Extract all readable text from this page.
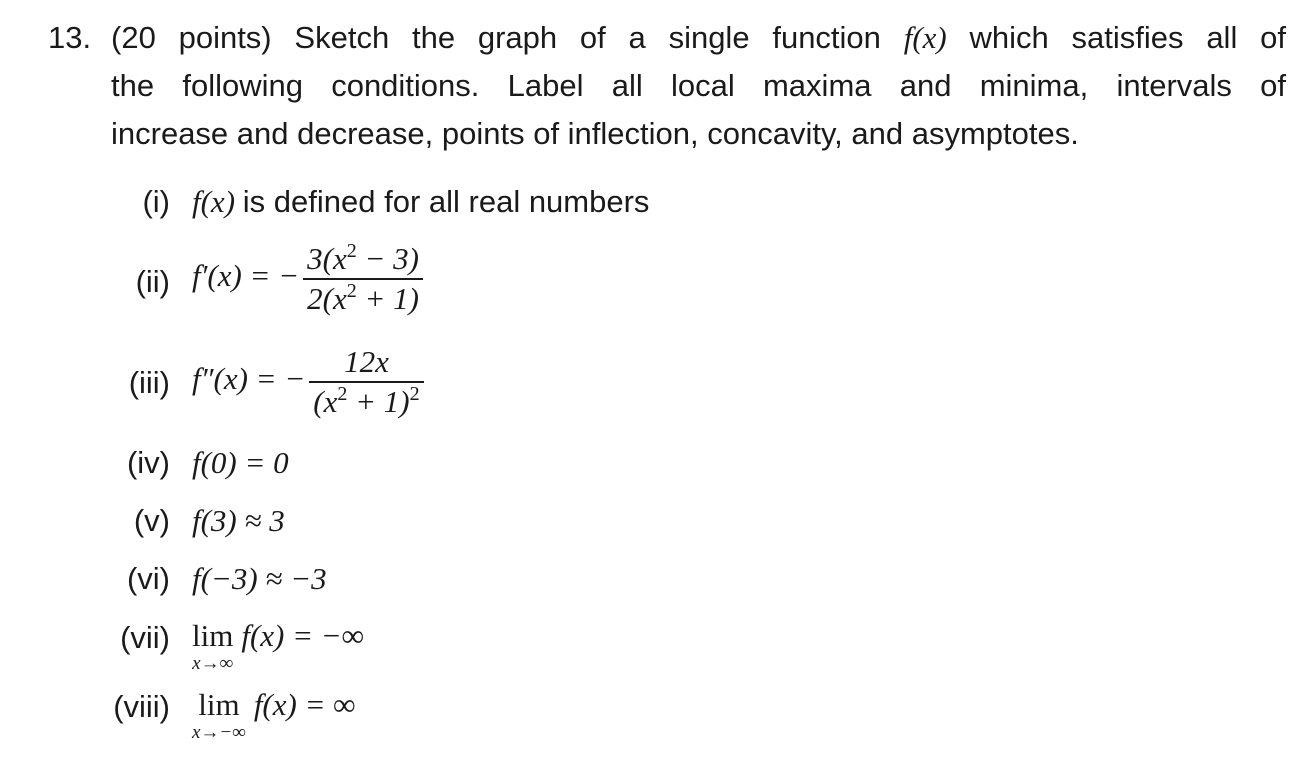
13. (20 points) Sketch the graph of a single function f(x) which satisfies all of
the following conditions. Label all local maxima and minima, intervals of
increase and decrease, points of inflection, concavity, and asymptotes.
(i) f(x) is defined for all real numbers
(ii) f′(x) = − $\frac{3(x^2 - 3)}{2(x^2 + 1)}$
(iii) f″(x) = − $\frac{12x}{(x^2 + 1)^2}$
(iv) f(0) = 0
(v) f(3) ≈ 3
(vi) f(−3) ≈ −3
(vii) lim
x→∞
f(x) = −∞
(viii) lim
x→−∞
f(x) = ∞
